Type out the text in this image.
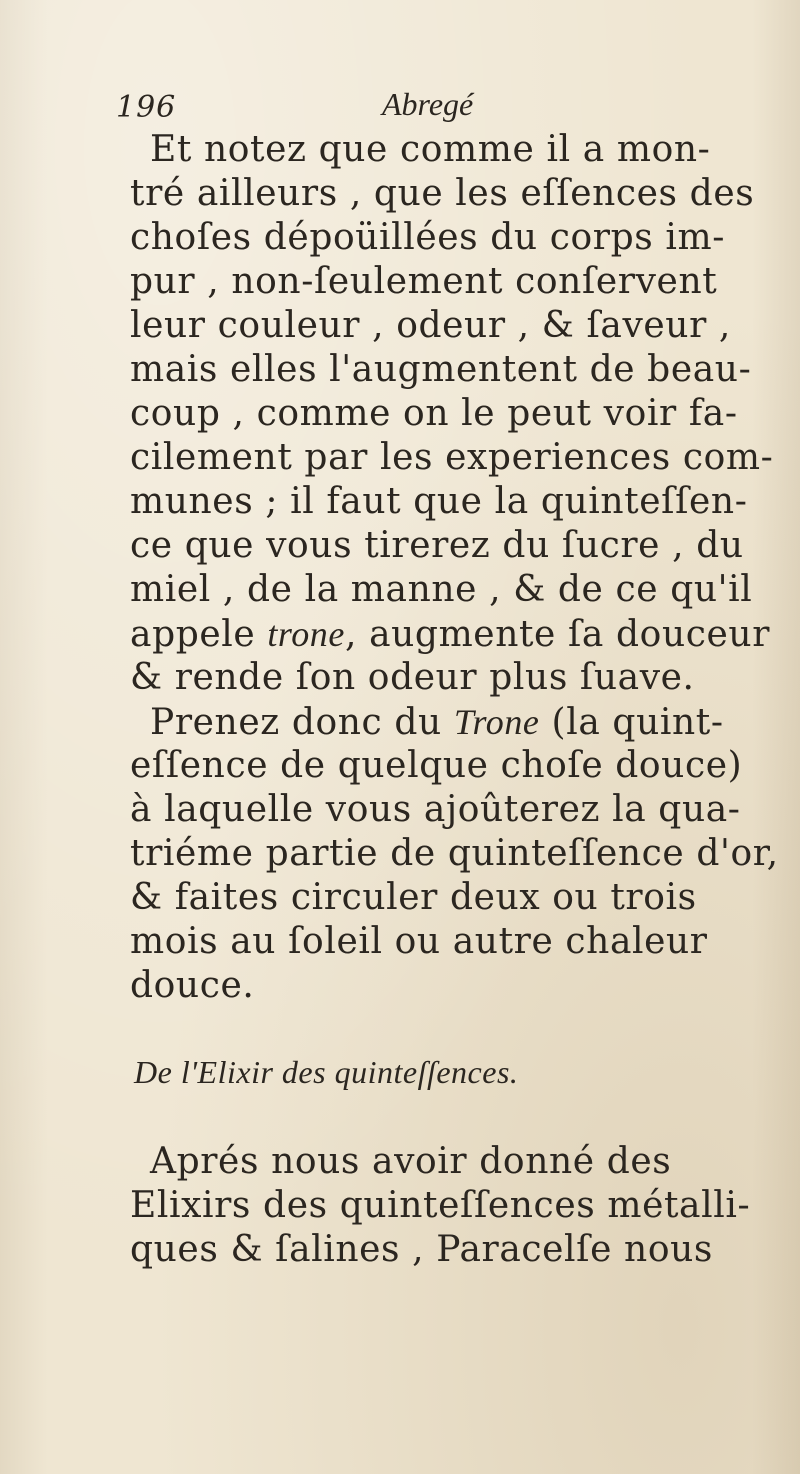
196	Abregé
Et notez que comme il a mon-
tré ailleurs , que les eſſences des
choſes dépoüillées du corps im-
pur , non-ſeulement conſervent
leur couleur , odeur , & ſaveur ,
mais elles l'augmentent de beau-
coup , comme on le peut voir fa-
cilement par les experiences com-
munes ; il faut que la quinteſſen-
ce que vous tirerez du ſucre , du
miel , de la manne , & de ce qu'il
appele trone, augmente ſa douceur
& rende ſon odeur plus ſuave.
Prenez donc du Trone (la quint-
eſſence de quelque choſe douce)
à laquelle vous ajoûterez la qua-
triéme partie de quinteſſence d'or,
& faites circuler deux ou trois
mois au ſoleil ou autre chaleur
douce.
De l'Elixir des quinteſſences.
Aprés nous avoir donné des
Elixirs des quinteſſences métalli-
ques & ſalines , Paracelſe nous
